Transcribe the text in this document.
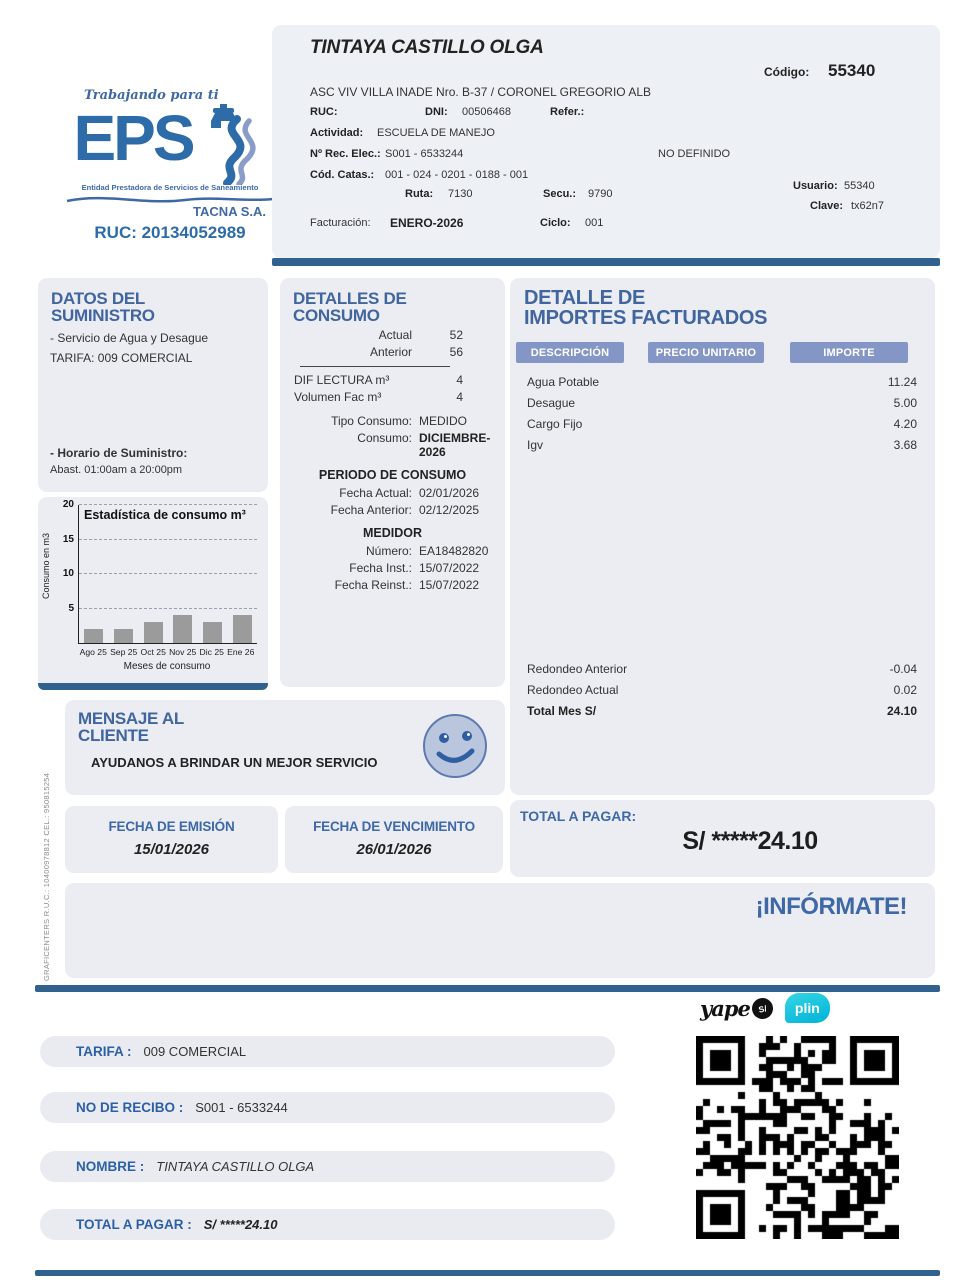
Trabajando para ti
EPS
Entidad Prestadora de Servicios de Saneamiento
TACNA S.A.
RUC: 20134052989
TINTAYA CASTILLO OLGA
Código: 55340
ASC VIV VILLA INADE Nro. B-37 / CORONEL GREGORIO ALB
RUC:	DNI: 00506468	Refer.:
Actividad: ESCUELA DE MANEJO
Nº Rec. Elec.: S001 - 6533244	NO DEFINIDO
Cód. Catas.: 001 - 024 - 0201 - 0188 - 001
Ruta: 7130	Secu.: 9790
Usuario: 55340
Clave: tx62n7
Facturación: ENERO-2026	Ciclo: 001
DATOS DEL
SUMINISTRO
- Servicio de Agua y Desague
TARIFA: 009 COMERCIAL
- Horario de Suministro:
Abast. 01:00am a 20:00pm
Consumo en m3
5
10
15
20
Estadística de consumo m³
Ago 25 Sep 25 Oct 25 Nov 25 Dic 25 Ene 26
Meses de consumo
DETALLES DE
CONSUMO
Actual	52
Anterior	56
DIF LECTURA m³	4
Volumen Fac m³	4
Tipo Consumo: MEDIDO
Consumo: DICIEMBRE-2026
PERIODO DE CONSUMO
Fecha Actual: 02/01/2026
Fecha Anterior: 02/12/2025
MEDIDOR
Número: EA18482820
Fecha Inst.: 15/07/2022
Fecha Reinst.: 15/07/2022
DETALLE DE
IMPORTES FACTURADOS
DESCRIPCIÓN	PRECIO UNITARIO	IMPORTE
Agua Potable	11.24
Desague	5.00
Cargo Fijo	4.20
Igv	3.68
Redondeo Anterior	-0.04
Redondeo Actual	0.02
Total Mes S/	24.10
MENSAJE AL
CLIENTE
AYUDANOS A BRINDAR UN MEJOR SERVICIO
FECHA DE EMISIÓN
15/01/2026
FECHA DE VENCIMIENTO
26/01/2026
TOTAL A PAGAR:
S/ *****24.10
¡INFÓRMATE!
GRAFICENTERS R.U.C.: 10400978812 CEL.: 950815254
yape S/	plin
TARIFA : 009 COMERCIAL
NO DE RECIBO : S001 - 6533244
NOMBRE : TINTAYA CASTILLO OLGA
TOTAL A PAGAR : S/ *****24.10
